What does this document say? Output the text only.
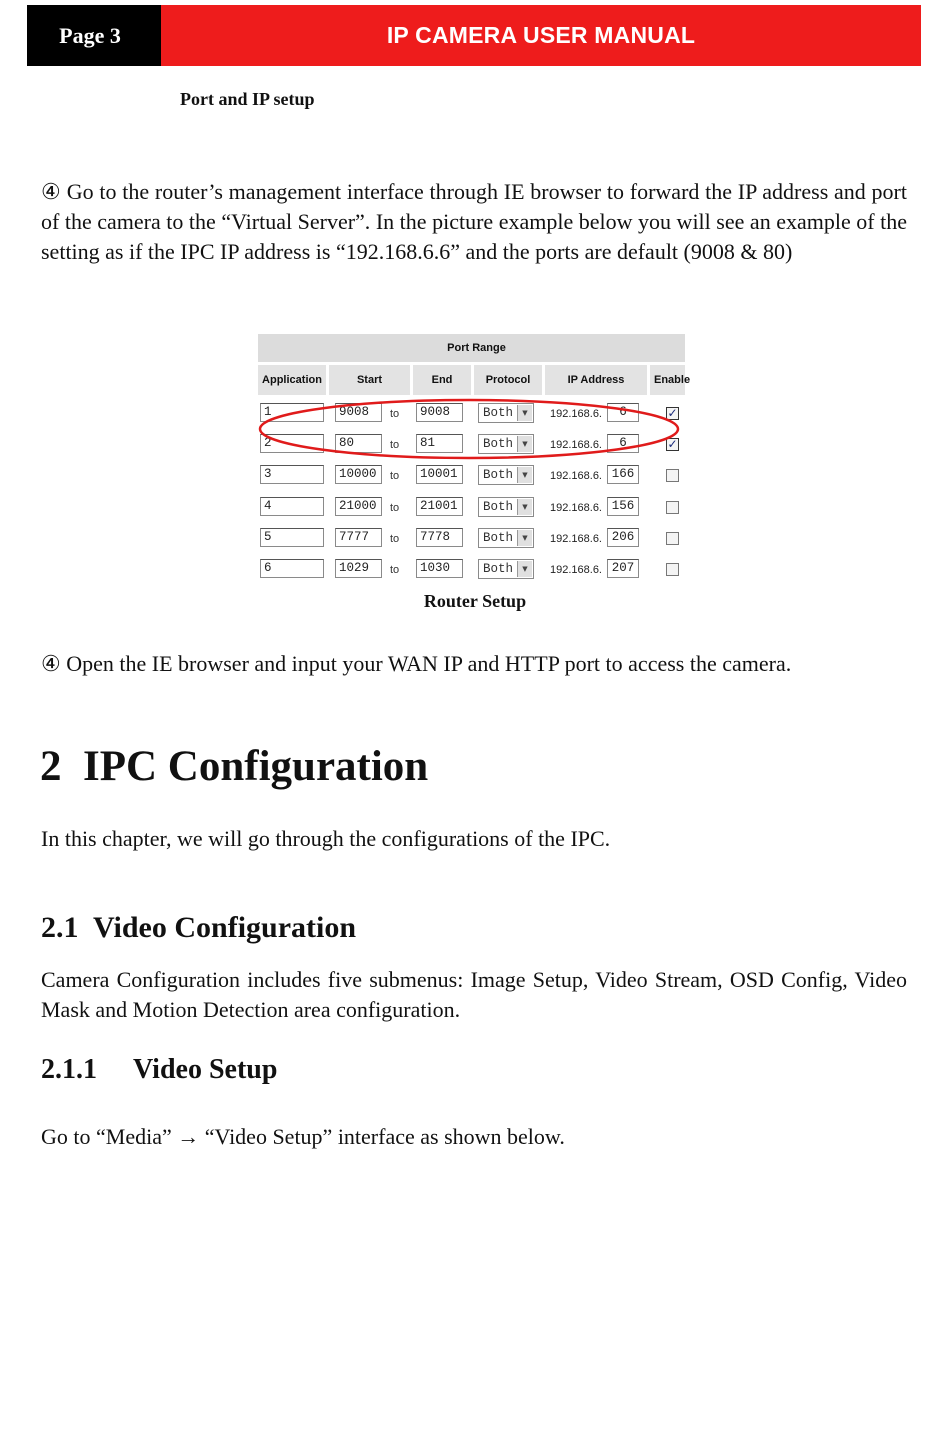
Page 3	IP CAMERA USER MANUAL
Port and IP setup
④ Go to the router’s management interface through IE browser to forward the IP address and port of the camera to the “Virtual Server”. In the picture example below you will see an example of the setting as if the IPC IP address is “192.168.6.6” and the ports are default (9008 & 80)
Port Range
Application	Start	End	Protocol	IP Address	Enable
1	9008	to	9008	Both	▼	192.168.6.	6	✓
2	80	to	81	Both	▼	192.168.6.	6	✓
3	10000	to	10001	Both	▼	192.168.6. 166
4	21000	to	21001	Both	▼	192.168.6. 156
5	7777	to	7778	Both	▼	192.168.6. 206
6	1029	to	1030	Both	▼	192.168.6. 207
Router Setup
④ Open the IE browser and input your WAN IP and HTTP port to access the camera.
2 IPC Configuration
In this chapter, we will go through the configurations of the IPC.
2.1 Video Configuration
Camera Configuration includes five submenus: Image Setup, Video Stream, OSD Config, Video Mask and Motion Detection area configuration.
2.1.1 Video Setup
Go to “Media” → “Video Setup” interface as shown below.
